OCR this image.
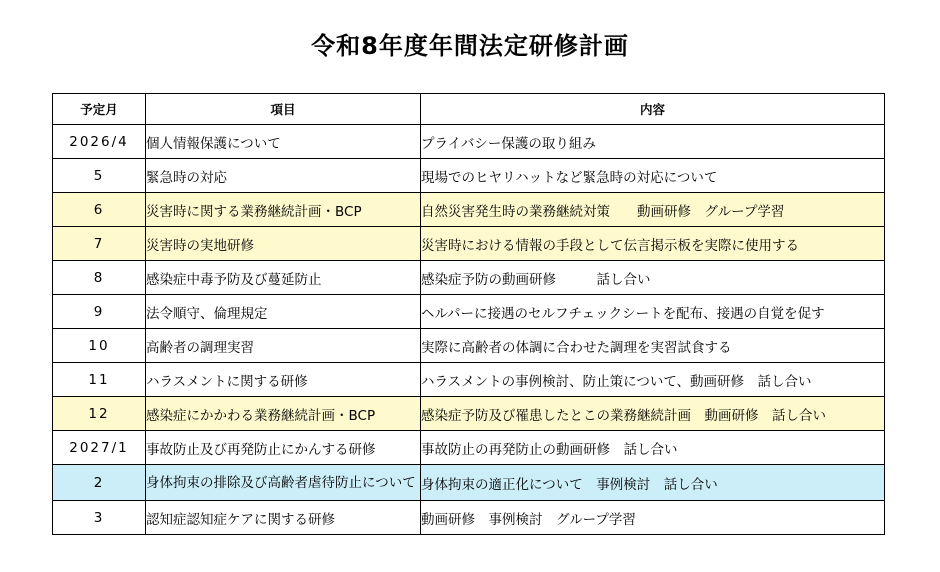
令和8年度年間法定研修計画
予定月	項目	内容
2026/4	個人情報保護について	プライバシー保護の取り組み
5	緊急時の対応	現場でのヒヤリハットなど緊急時の対応について
6	災害時に関する業務継続計画・BCP	自然災害発生時の業務継続対策　　動画研修　グループ学習
7	災害時の実地研修	災害時における情報の手段として伝言掲示板を実際に使用する
8	感染症中毒予防及び蔓延防止	感染症予防の動画研修　　　話し合い
9	法令順守、倫理規定	ヘルパーに接遇のセルフチェックシートを配布、接遇の自覚を促す
10	高齢者の調理実習	実際に高齢者の体調に合わせた調理を実習試食する
11	ハラスメントに関する研修	ハラスメントの事例検討、防止策について、動画研修　話し合い
12	感染症にかかわる業務継続計画・BCP	感染症予防及び罹患したとこの業務継続計画　動画研修　話し合い
2027/1	事故防止及び再発防止にかんする研修	事故防止の再発防止の動画研修　話し合い
2	身体拘束の排除及び高齢者虐待防止について	身体拘束の適正化について　事例検討　話し合い
3	認知症認知症ケアに関する研修	動画研修　事例検討　グループ学習
